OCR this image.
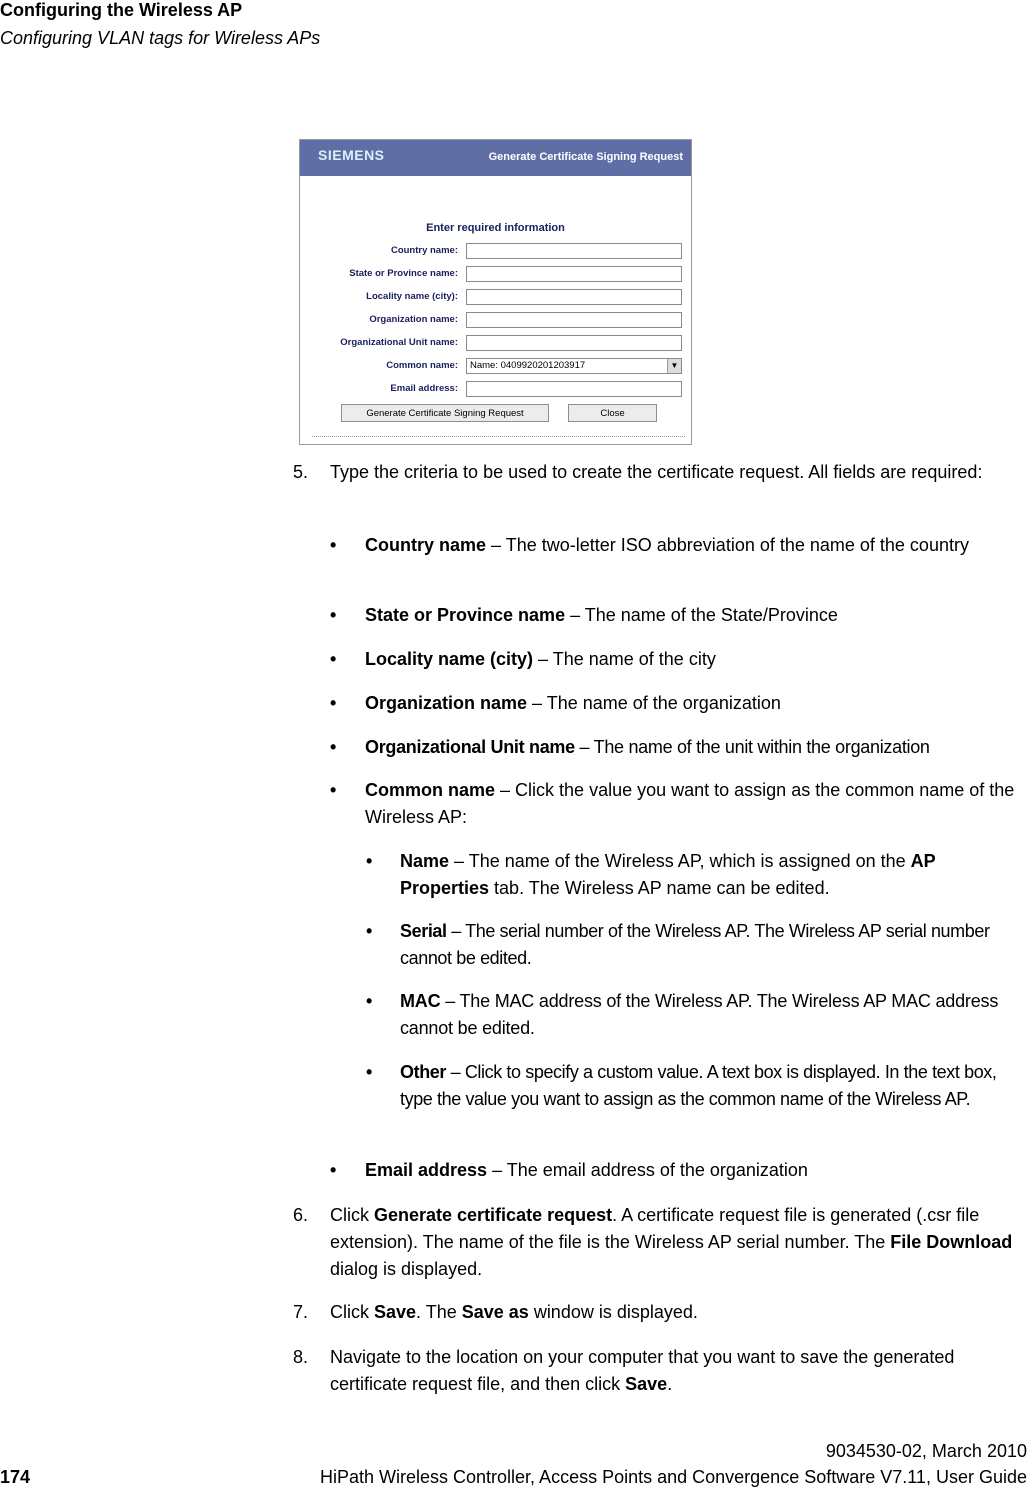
Configuring the Wireless AP
Configuring VLAN tags for Wireless APs
SIEMENS	Generate Certificate Signing Request
Enter required information
Country name:
State or Province name:
Locality name (city):
Organization name:
Organizational Unit name:
Common name: Name: 0409920201203917	▼
Email address:
Generate Certificate Signing Request	Close
5. Type the criteria to be used to create the certificate request. All fields are required:
• Country name – The two-letter ISO abbreviation of the name of the country
• State or Province name – The name of the State/Province
• Locality name (city) – The name of the city
• Organization name – The name of the organization
• Organizational Unit name – The name of the unit within the organization
• Common name – Click the value you want to assign as the common name of the Wireless AP:
• Name – The name of the Wireless AP, which is assigned on the AP Properties tab. The Wireless AP name can be edited.
• Serial – The serial number of the Wireless AP. The Wireless AP serial number cannot be edited.
• MAC – The MAC address of the Wireless AP. The Wireless AP MAC address cannot be edited.
• Other – Click to specify a custom value. A text box is displayed. In the text box, type the value you want to assign as the common name of the Wireless AP.
• Email address – The email address of the organization
6. Click Generate certificate request. A certificate request file is generated (.csr file extension). The name of the file is the Wireless AP serial number. The File Download dialog is displayed.
7. Click Save. The Save as window is displayed.
8. Navigate to the location on your computer that you want to save the generated certificate request file, and then click Save.
9034530-02, March 2010
174	HiPath Wireless Controller, Access Points and Convergence Software V7.11, User Guide
